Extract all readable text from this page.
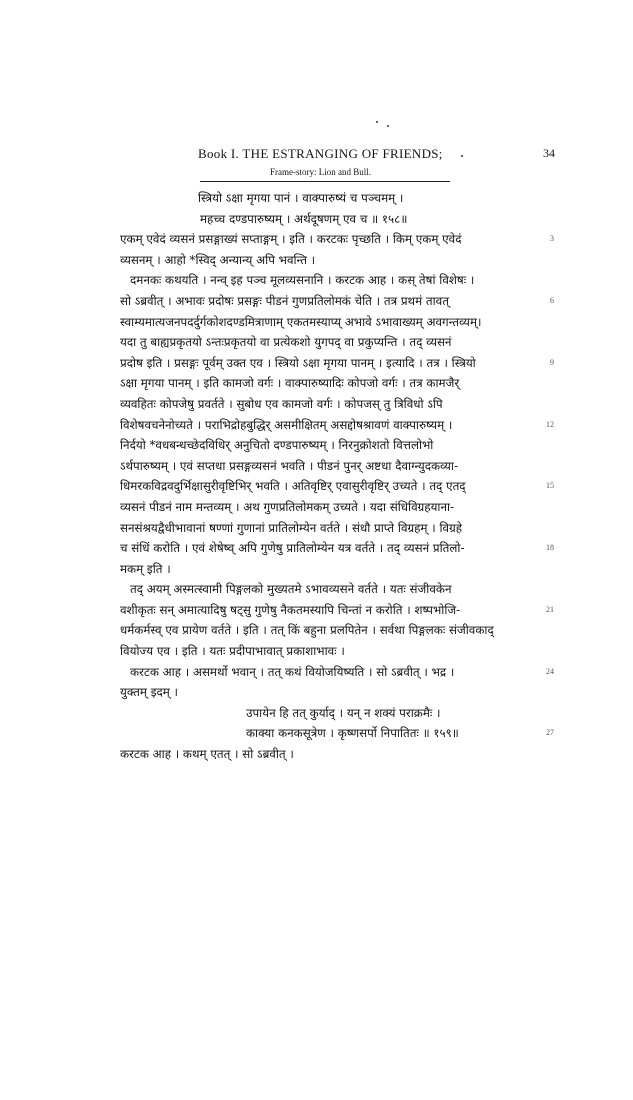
Book I. THE ESTRANGING OF FRIENDS;	34
Frame-story: Lion and Bull.
स्त्रियो ऽक्षा मृगया पानं । वाक्पारुष्यं च पञ्चमम् ।
महच्च दण्डपारुष्यम् । अर्थदूषणम् एव च ॥ १५८॥
एकम् एवेदं व्यसनं प्रसङ्गाख्यं सप्ताङ्गम् । इति । करटकः पृच्छति । किम् एकम् एवेदं	3
व्यसनम् । आहो *स्विद् अन्यान्य् अपि भवन्ति ।
दमनकः कथयति । नन्व् इह पञ्च मूलव्यसनानि । करटक आह । कस् तेषां विशेषः ।
सो ऽब्रवीत् । अभावः प्रदोषः प्रसङ्गः पीडनं गुणप्रतिलोमकं चेति । तत्र प्रथमं तावत्	6
स्वाम्यमात्यजनपदर्दुर्गकोशदण्डमित्राणाम् एकतमस्याप्य् अभावे ऽभावाख्यम् अवगन्तव्यम्।
यदा तु बाह्यप्रकृतयो ऽन्तःप्रकृतयो वा प्रत्येकशो युगपद् वा प्रकुप्यन्ति । तद् व्यसनं
प्रदोष इति । प्रसङ्गः पूर्वम् उक्त एव । स्त्रियो ऽक्षा मृगया पानम् । इत्यादि । तत्र । स्त्रियो	9
ऽक्षा मृगया पानम् । इति कामजो वर्गः । वाक्पारुष्यादिः कोपजो वर्गः । तत्र कामजैर्
व्यवहितः कोपजेषु प्रवर्तते । सुबोध एव कामजो वर्गः । कोपजस् तु त्रिविधो ऽपि
विशेषवचनेनोच्यते । पराभिद्रोहबुद्धिर् असमीक्षितम् असद्दोषश्रावणं वाक्पारुष्यम् ।	12
निर्दयो *वधबन्धच्छेदविधिर् अनुचितो दण्डपारुष्यम् । निरनुक्रोशतो वित्तलोभो
ऽर्थपारुष्यम् । एवं सप्तधा प्रसङ्गव्यसनं भवति । पीडनं पुनर् अष्टधा दैवाग्न्युदकव्या-
धिमरकविद्रवदुर्भिक्षासुरीवृष्टिभिर् भवति । अतिवृष्टिर् एवासुरीवृष्टिर् उच्यते । तद् एतद्	15
व्यसनं पीडनं नाम मन्तव्यम् । अथ गुणप्रतिलोमकम् उच्यते । यदा संधिविग्रहयाना-
सनसंश्रयद्वैधीभावानां षण्णां गुणानां प्रातिलोम्येन वर्तते । संधौ प्राप्ते विग्रहम् । विग्रहे
च संधिं करोति । एवं शेषेष्व् अपि गुणेषु प्रातिलोम्येन यत्र वर्तते । तद् व्यसनं प्रतिलो-	18
मकम् इति ।
तद् अयम् अस्मत्स्वामी पिङ्गलको मुख्यतमे ऽभावव्यसने वर्तते । यतः संजीवकेन
वशीकृतः सन् अमात्यादिषु षट्सु गुणेषु नैकतमस्यापि चिन्तां न करोति । शष्पभोजि-	21
धर्मकर्मस्व् एव प्रायेण वर्तते । इति । तत् किं बहुना प्रलपितेन । सर्वथा पिङ्गलकः संजीवकाद्
वियोज्य एव । इति । यतः प्रदीपाभावात् प्रकाशाभावः ।
करटक आह । असमर्थो भवान् । तत् कथं वियोजयिष्यति । सो ऽब्रवीत् । भद्र ।	24
युक्तम् इदम् ।
उपायेन हि तत् कुर्याद् । यन् न शक्यं पराक्रमैः ।
काक्या कनकसूत्रेण । कृष्णसर्पो निपातितः ॥ १५९॥	27
करटक आह । कथम् एतत् । सो ऽब्रवीत् ।
